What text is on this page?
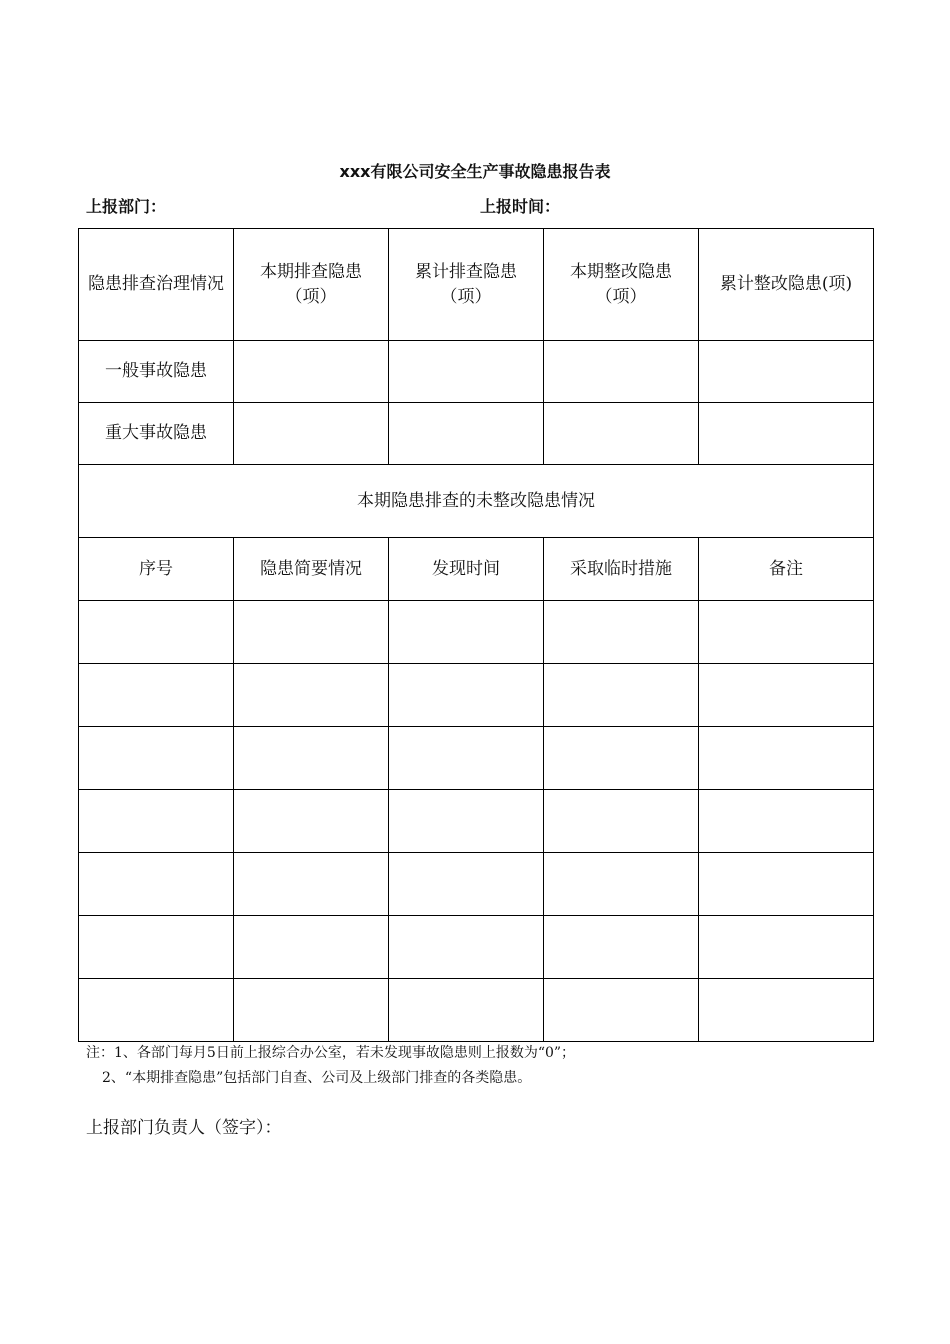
xxx有限公司安全生产事故隐患报告表
上报部门：	上报时间：
隐患排查治理情况	本期排查隐患（项）	累计排查隐患（项）	本期整改隐患（项）	累计整改隐患(项)
一般事故隐患				
重大事故隐患				
本期隐患排查的未整改隐患情况				
序号	隐患简要情况	发现时间	采取临时措施	备注

注：1、各部门每月5日前上报综合办公室，若未发现事故隐患则上报数为“0”；
2、“本期排查隐患”包括部门自查、公司及上级部门排查的各类隐患。
上报部门负责人（签字）：
